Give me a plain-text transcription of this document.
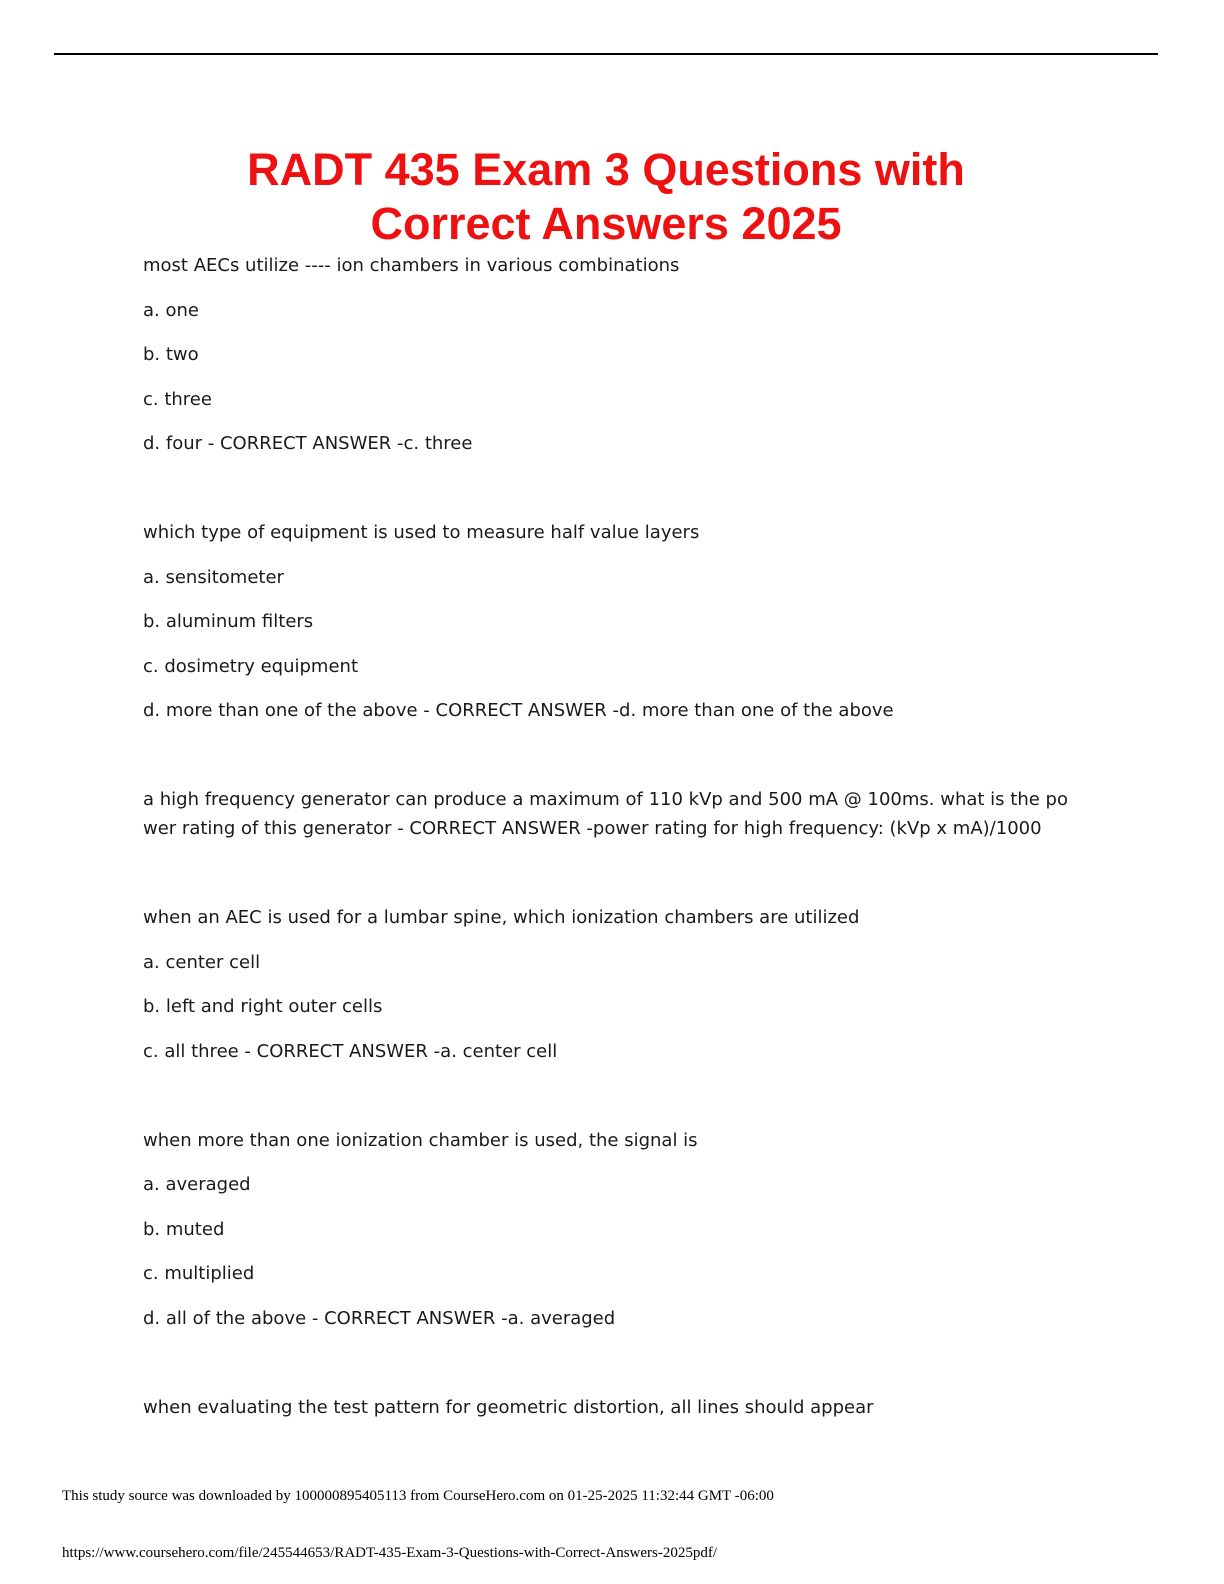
RADT 435 Exam 3 Questions with
Correct Answers 2025
most AECs utilize ---- ion chambers in various combinations
a. one
b. two
c. three
d. four - CORRECT ANSWER -c. three
which type of equipment is used to measure half value layers
a. sensitometer
b. aluminum filters
c. dosimetry equipment
d. more than one of the above - CORRECT ANSWER -d. more than one of the above
a high frequency generator can produce a maximum of 110 kVp and 500 mA @ 100ms. what is the po
wer rating of this generator - CORRECT ANSWER -power rating for high frequency: (kVp x mA)/1000
when an AEC is used for a lumbar spine, which ionization chambers are utilized
a. center cell
b. left and right outer cells
c. all three - CORRECT ANSWER -a. center cell
when more than one ionization chamber is used, the signal is
a. averaged
b. muted
c. multiplied
d. all of the above - CORRECT ANSWER -a. averaged
when evaluating the test pattern for geometric distortion, all lines should appear
This study source was downloaded by 100000895405113 from CourseHero.com on 01-25-2025 11:32:44 GMT -06:00
https://www.coursehero.com/file/245544653/RADT-435-Exam-3-Questions-with-Correct-Answers-2025pdf/
